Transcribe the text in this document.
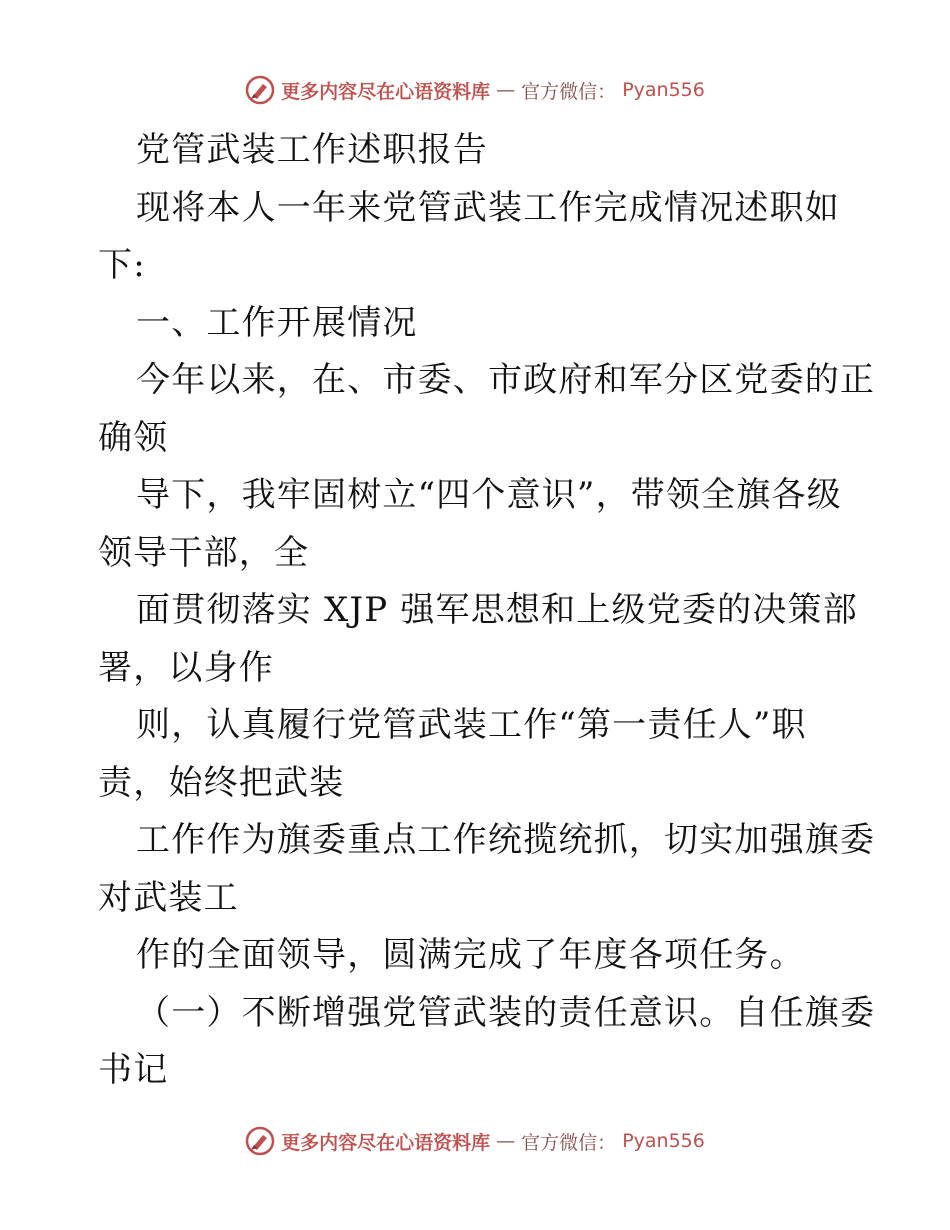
更多内容尽在心语资料库 — 官方微信： Pyan556
党管武装工作述职报告
现将本人一年来党管武装工作完成情况述职如
下:
一、工作开展情况
今年以来，在、市委、市政府和军分区党委的正
确领
导下，我牢固树立“四个意识”，带领全旗各级
领导干部，全
面贯彻落实 XJP 强军思想和上级党委的决策部
署，以身作
则，认真履行党管武装工作“第一责任人”职
责，始终把武装
工作作为旗委重点工作统揽统抓，切实加强旗委
对武装工
作的全面领导，圆满完成了年度各项任务。
（一）不断增强党管武装的责任意识。自任旗委
书记
更多内容尽在心语资料库 — 官方微信： Pyan556
